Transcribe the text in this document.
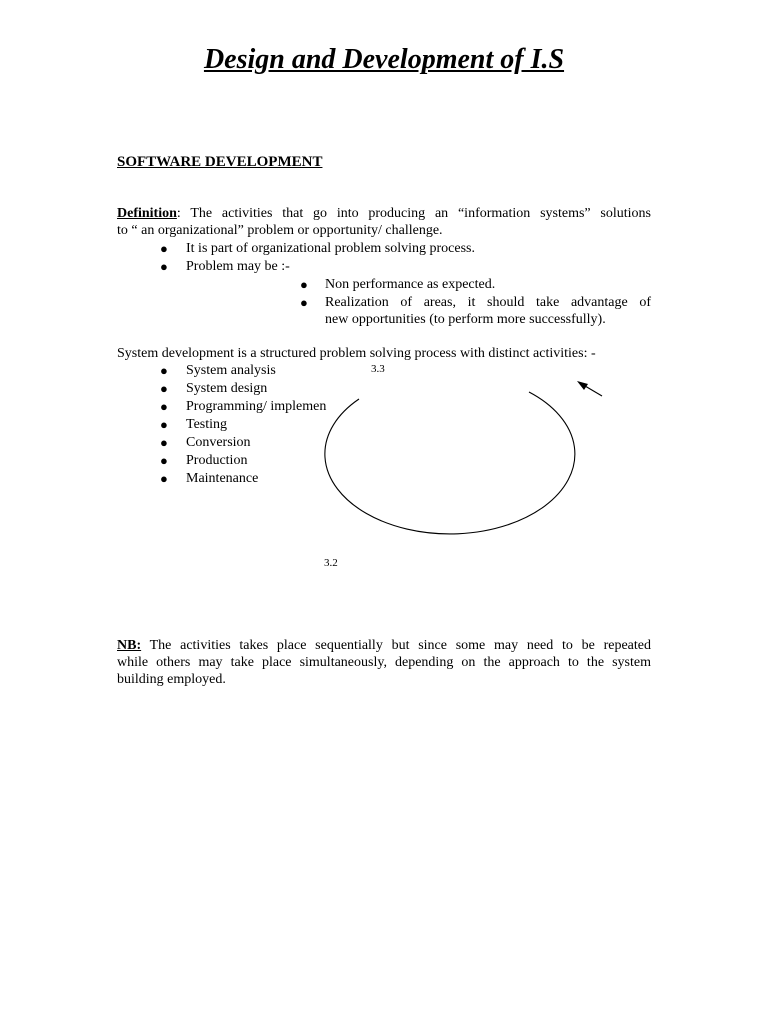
Design and Development of I.S
SOFTWARE DEVELOPMENT
Definition: The activities that go into producing an “information systems” solutions
to “ an organizational” problem or opportunity/ challenge.
● It is part of organizational problem solving process.
● Problem may be :-
● Non performance as expected.
● Realization of areas, it should take advantage of
new opportunities (to perform more successfully).
System development is a structured problem solving process with distinct activities: -
● System analysis
● System design
● Programming/ implemen
● Testing
● Conversion
● Production
● Maintenance
3.3
3.2
NB: The activities takes place sequentially but since some may need to be repeated
while others may take place simultaneously, depending on the approach to the system
building employed.
